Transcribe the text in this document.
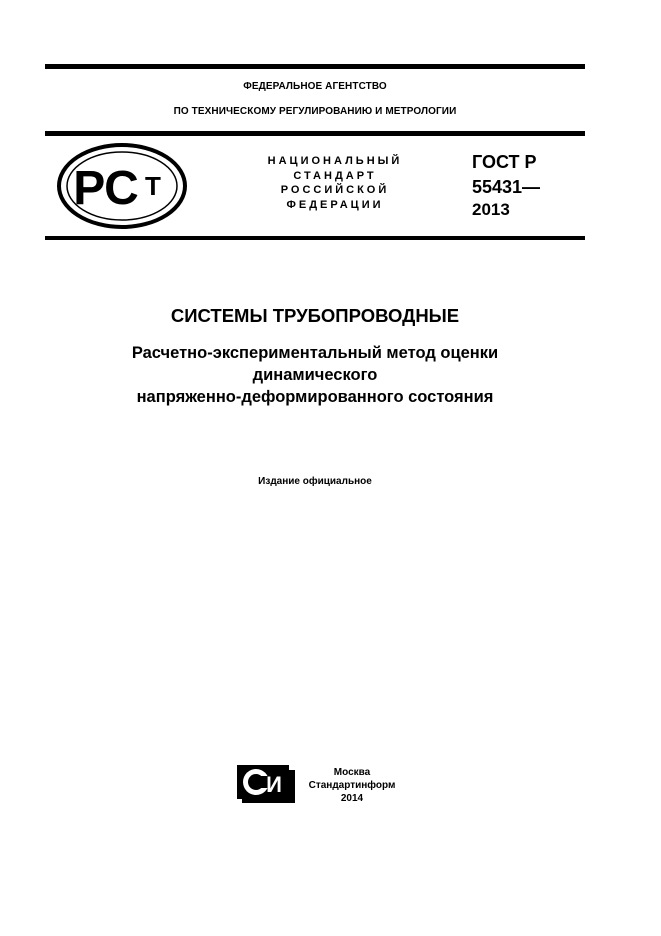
ФЕДЕРАЛЬНОЕ АГЕНТСТВО
ПО ТЕХНИЧЕСКОМУ РЕГУЛИРОВАНИЮ И МЕТРОЛОГИИ
РС Т
НАЦИОНАЛЬНЫЙ
СТАНДАРТ
РОССИЙСКОЙ
ФЕДЕРАЦИИ
ГОСТ Р
55431—
2013
СИСТЕМЫ ТРУБОПРОВОДНЫЕ
Расчетно-экспериментальный метод оценки
динамического
напряженно-деформированного состояния
Издание официальное
И	Москва
Стандартинформ
2014
